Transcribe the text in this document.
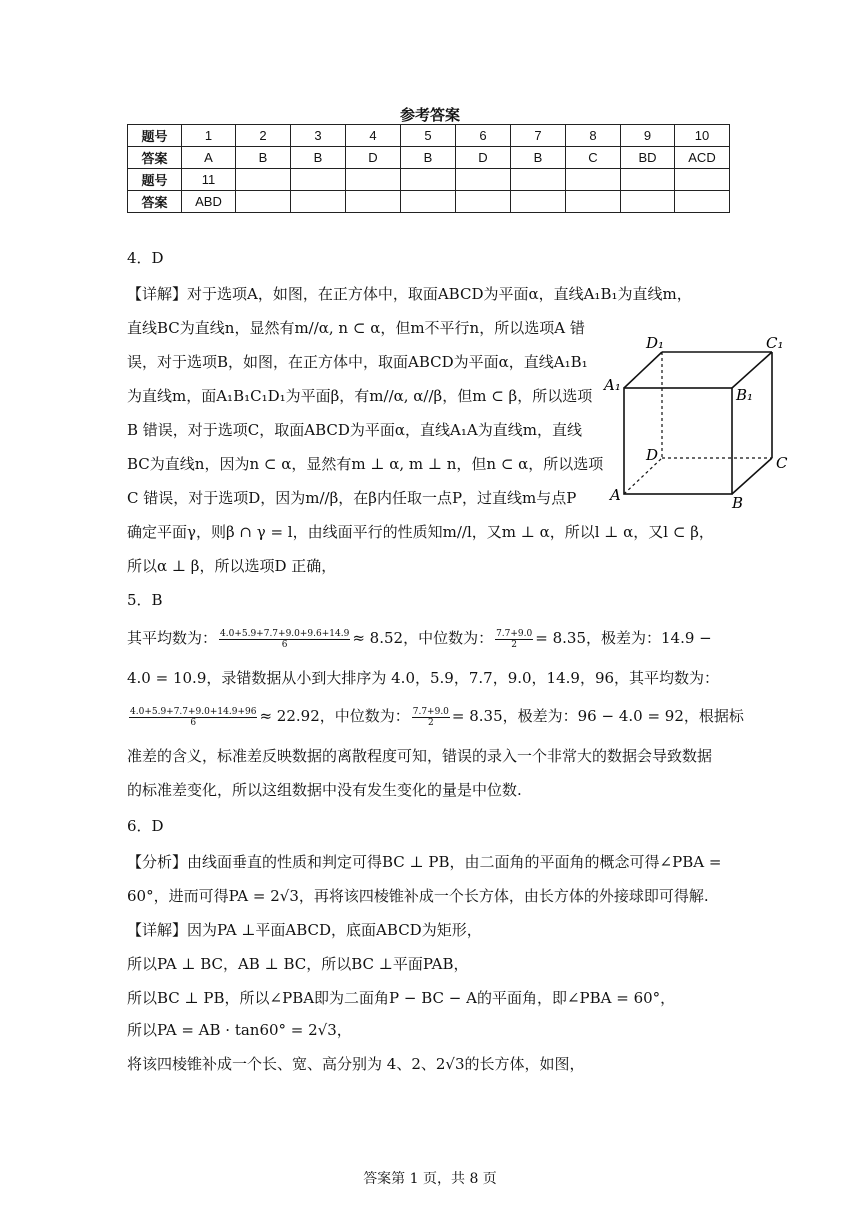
参考答案
题号	1	2	3	4	5	6	7	8	9	10
答案	A	B	B	D	B	D	B	C	BD	ACD
题号	11									
答案	ABD									
4．D
【详解】对于选项A，如图，在正方体中，取面ABCD为平面α，直线A₁B₁为直线m，
直线BC为直线n，显然有m//α, n ⊂ α，但m不平行n，所以选项A 错
误，对于选项B，如图，在正方体中，取面ABCD为平面α，直线A₁B₁
为直线m，面A₁B₁C₁D₁为平面β，有m//α, α//β，但m ⊂ β，所以选项
B 错误，对于选项C，取面ABCD为平面α，直线A₁A为直线m，直线
BC为直线n，因为n ⊂ α，显然有m ⊥ α, m ⊥ n，但n ⊂ α，所以选项
C 错误，对于选项D，因为m//β，在β内任取一点P，过直线m与点P
确定平面γ，则β ∩ γ = l，由线面平行的性质知m//l，又m ⊥ α，所以l ⊥ α，又l ⊂ β，
所以α ⊥ β，所以选项D 正确，
D₁	C₁
A₁
B₁
D	C
A	B
5．B
其平均数为： $\frac{4.0+5.9+7.7+9.0+9.6+14.9}{6} \approx 8.52$，中位数为： $\frac{7.7+9.0}{2} = 8.35$，极差为：14.9 −
4.0 = 10.9，录错数据从小到大排序为 4.0，5.9，7.7，9.0，14.9，96，其平均数为：
$\frac{4.0+5.9+7.7+9.0+14.9+96}{6} \approx 22.92$，中位数为： $\frac{7.7+9.0}{2} = 8.35$，极差为：96 − 4.0 = 92，根据标
准差的含义，标准差反映数据的离散程度可知，错误的录入一个非常大的数据会导致数据
的标准差变化，所以这组数据中没有发生变化的量是中位数.
6．D
【分析】由线面垂直的性质和判定可得BC ⊥ PB，由二面角的平面角的概念可得∠PBA =
60°，进而可得PA = 2√3，再将该四棱锥补成一个长方体，由长方体的外接球即可得解.
【详解】因为PA ⊥平面ABCD，底面ABCD为矩形，
所以PA ⊥ BC，AB ⊥ BC，所以BC ⊥平面PAB，
所以BC ⊥ PB，所以∠PBA即为二面角P − BC − A的平面角，即∠PBA = 60°，
所以PA = AB · tan60° = 2√3，
将该四棱锥补成一个长、宽、高分别为 4、2、2√3的长方体，如图，
答案第 1 页，共 8 页
